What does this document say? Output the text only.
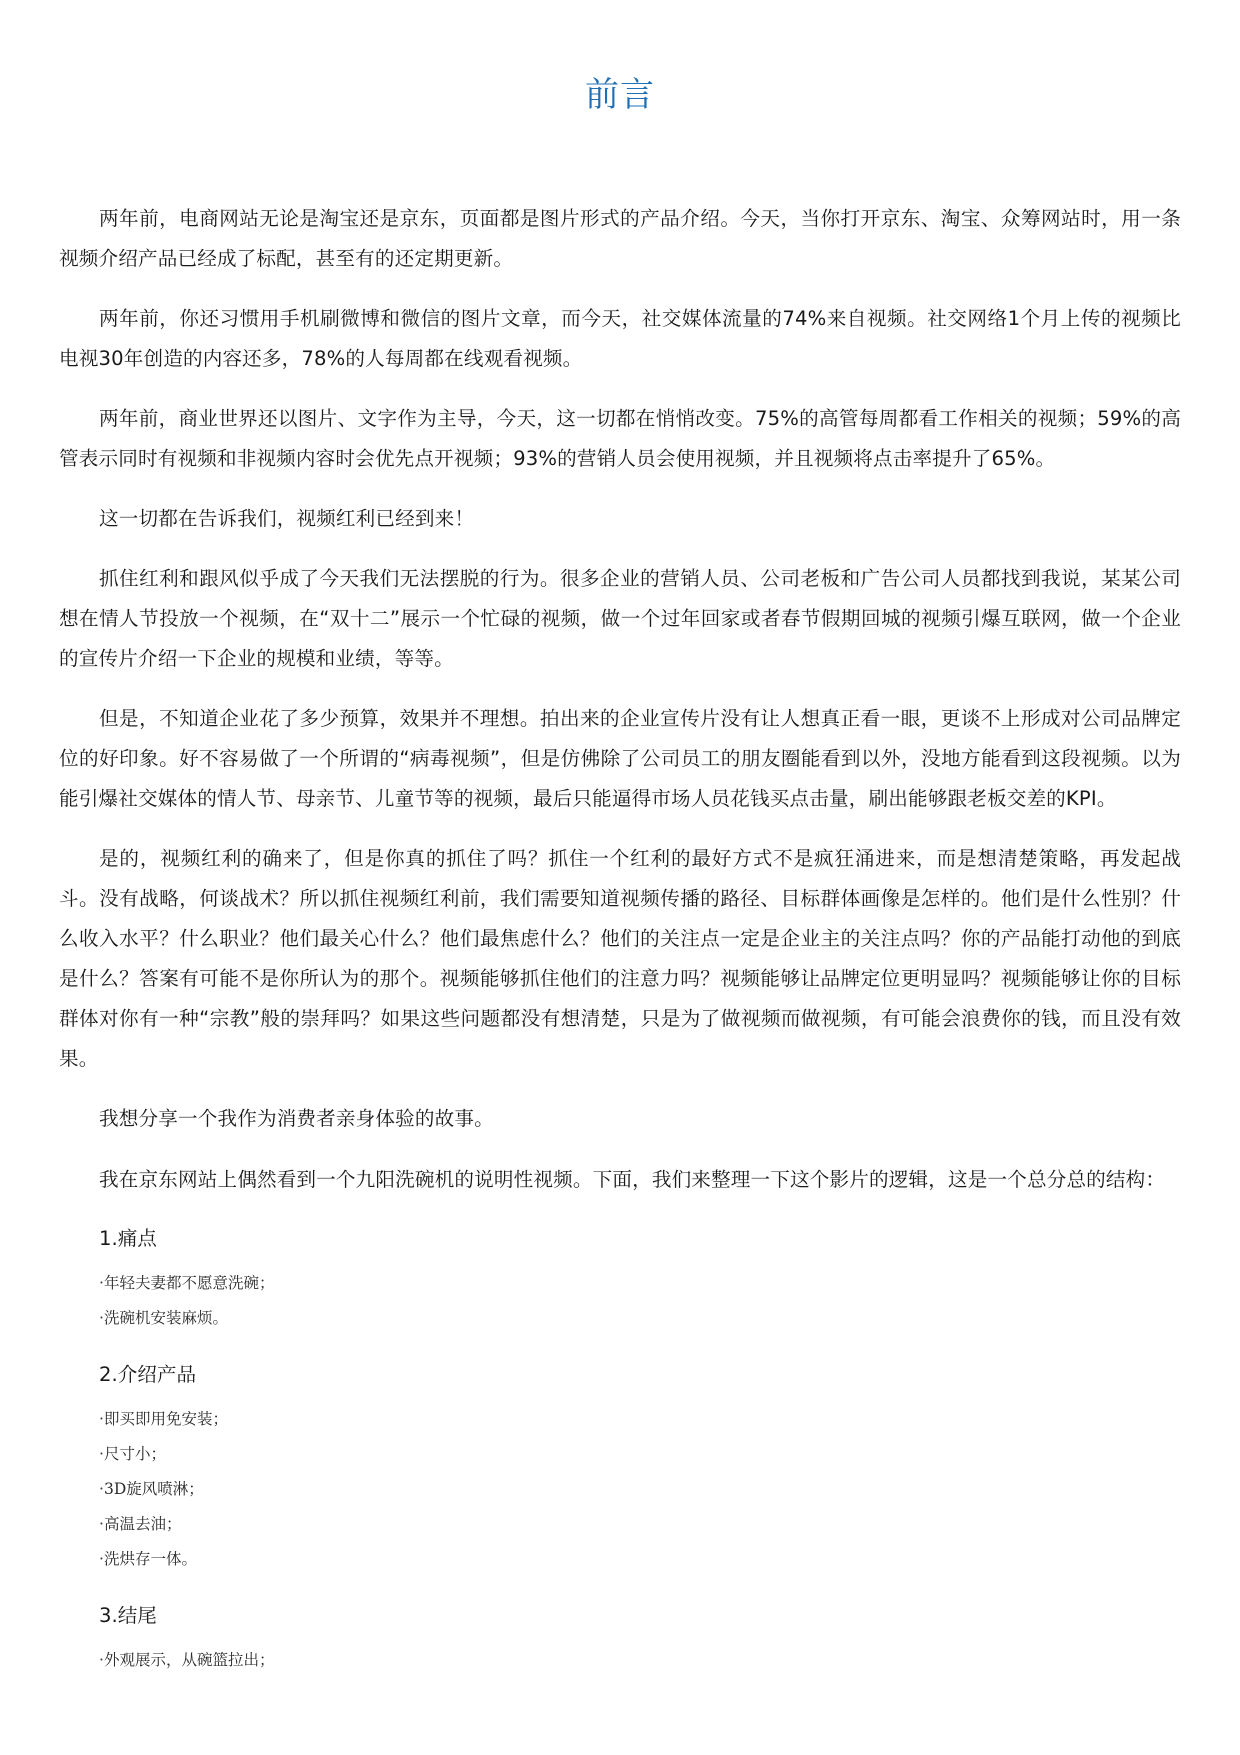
前言

两年前，电商网站无论是淘宝还是京东，页面都是图片形式的产品介绍。今天，当你打开京东、淘宝、众筹网站时，用一条视频介绍产品已经成了标配，甚至有的还定期更新。

两年前，你还习惯用手机刷微博和微信的图片文章，而今天，社交媒体流量的74%来自视频。社交网络1个月上传的视频比电视30年创造的内容还多，78%的人每周都在线观看视频。

两年前，商业世界还以图片、文字作为主导，今天，这一切都在悄悄改变。75%的高管每周都看工作相关的视频；59%的高管表示同时有视频和非视频内容时会优先点开视频；93%的营销人员会使用视频，并且视频将点击率提升了65%。

这一切都在告诉我们，视频红利已经到来！

抓住红利和跟风似乎成了今天我们无法摆脱的行为。很多企业的营销人员、公司老板和广告公司人员都找到我说，某某公司想在情人节投放一个视频，在“双十二”展示一个忙碌的视频，做一个过年回家或者春节假期回城的视频引爆互联网，做一个企业的宣传片介绍一下企业的规模和业绩，等等。

但是，不知道企业花了多少预算，效果并不理想。拍出来的企业宣传片没有让人想真正看一眼，更谈不上形成对公司品牌定位的好印象。好不容易做了一个所谓的“病毒视频”，但是仿佛除了公司员工的朋友圈能看到以外，没地方能看到这段视频。以为能引爆社交媒体的情人节、母亲节、儿童节等的视频，最后只能逼得市场人员花钱买点击量，刷出能够跟老板交差的KPI。

是的，视频红利的确来了，但是你真的抓住了吗？抓住一个红利的最好方式不是疯狂涌进来，而是想清楚策略，再发起战斗。没有战略，何谈战术？所以抓住视频红利前，我们需要知道视频传播的路径、目标群体画像是怎样的。他们是什么性别？什么收入水平？什么职业？他们最关心什么？他们最焦虑什么？他们的关注点一定是企业主的关注点吗？你的产品能打动他的到底是什么？答案有可能不是你所认为的那个。视频能够抓住他们的注意力吗？视频能够让品牌定位更明显吗？视频能够让你的目标群体对你有一种“宗教”般的崇拜吗？如果这些问题都没有想清楚，只是为了做视频而做视频，有可能会浪费你的钱，而且没有效果。

我想分享一个我作为消费者亲身体验的故事。

我在京东网站上偶然看到一个九阳洗碗机的说明性视频。下面，我们来整理一下这个影片的逻辑，这是一个总分总的结构：

1.痛点
·年轻夫妻都不愿意洗碗；
·洗碗机安装麻烦。
2.介绍产品
·即买即用免安装；
·尺寸小；
·3D旋风喷淋；
·高温去油；
·洗烘存一体。
3.结尾
·外观展示，从碗篮拉出；
